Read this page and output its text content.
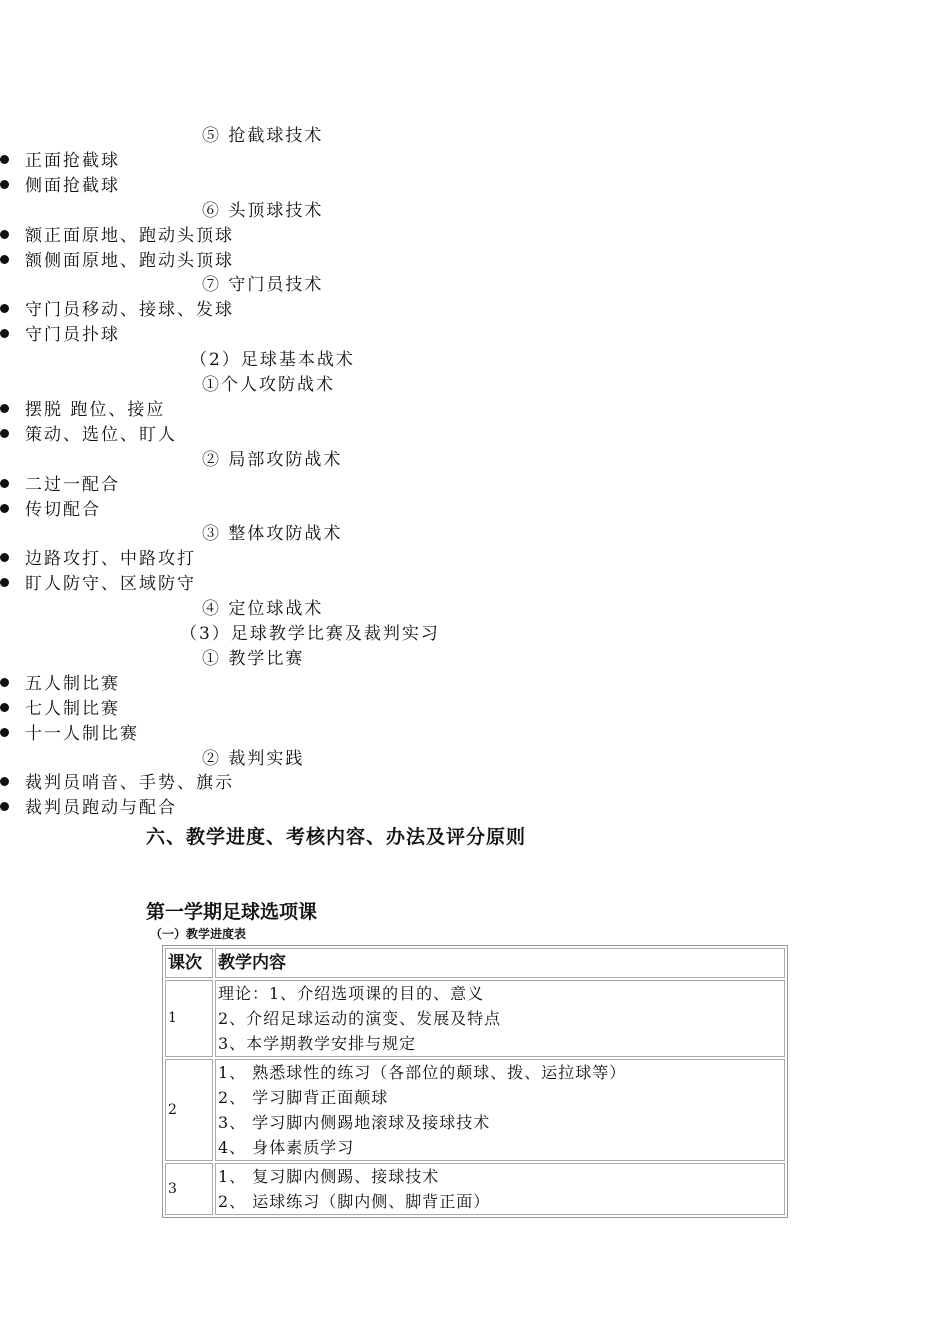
⑤ 抢截球技术
正面抢截球
侧面抢截球
⑥ 头顶球技术
额正面原地、跑动头顶球
额侧面原地、跑动头顶球
⑦ 守门员技术
守门员移动、接球、发球
守门员扑球
（2）足球基本战术
①个人攻防战术
摆脱 跑位、接应
策动、选位、盯人
② 局部攻防战术
二过一配合
传切配合
③ 整体攻防战术
边路攻打、中路攻打
盯人防守、区域防守
④ 定位球战术
（3）足球教学比赛及裁判实习
① 教学比赛
五人制比赛
七人制比赛
十一人制比赛
② 裁判实践
裁判员哨音、手势、旗示
裁判员跑动与配合
六、教学进度、考核内容、办法及评分原则
第一学期足球选项课
（一）教学进度表
课次	教学内容
1	理论：1、介绍选项课的目的、意义
2、介绍足球运动的演变、发展及特点
3、本学期教学安排与规定

2	1、 熟悉球性的练习（各部位的颠球、拨、运拉球等）
2、 学习脚背正面颠球
3、 学习脚内侧踢地滚球及接球技术
4、 身体素质学习

3	1、 复习脚内侧踢、接球技术
2、 运球练习（脚内侧、脚背正面）
